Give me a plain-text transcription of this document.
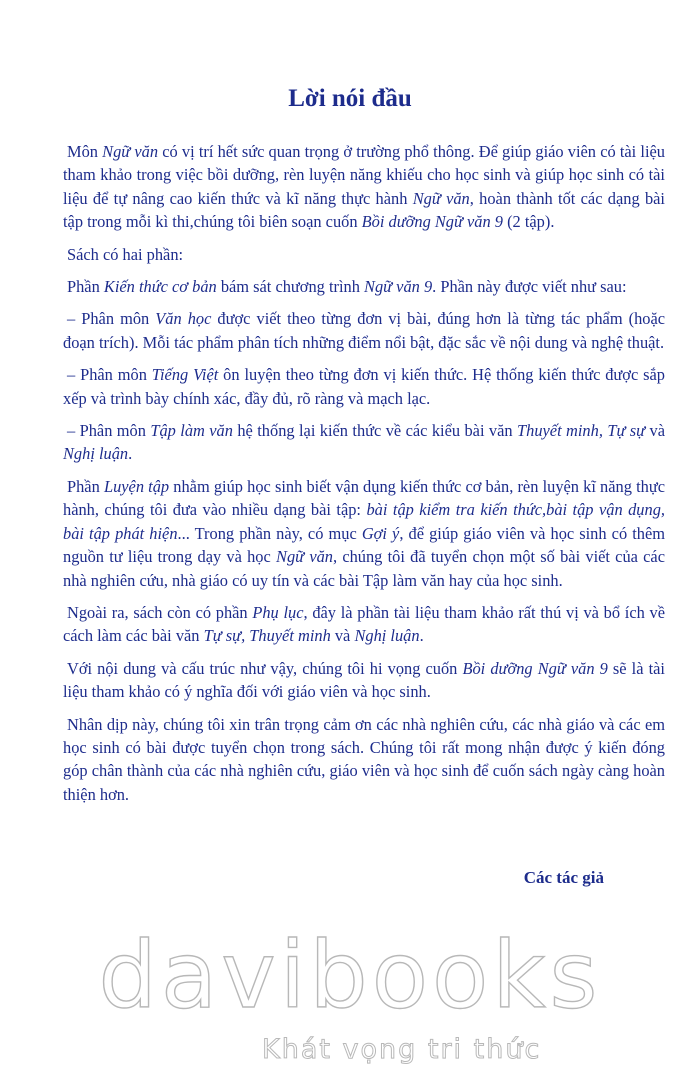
Lời nói đầu

Môn Ngữ văn có vị trí hết sức quan trọng ở trường phổ thông. Để giúp giáo viên có tài liệu tham khảo trong việc bồi dưỡng, rèn luyện năng khiếu cho học sinh và giúp học sinh có tài liệu để tự nâng cao kiến thức và kĩ năng thực hành Ngữ văn, hoàn thành tốt các dạng bài tập trong mỗi kì thi,chúng tôi biên soạn cuốn Bồi dưỡng Ngữ văn 9 (2 tập).

Sách có hai phần:

Phần Kiến thức cơ bản bám sát chương trình Ngữ văn 9. Phần này được viết như sau:

– Phân môn Văn học được viết theo từng đơn vị bài, đúng hơn là từng tác phẩm (hoặc đoạn trích). Mỗi tác phẩm phân tích những điểm nổi bật, đặc sắc về nội dung và nghệ thuật.

– Phân môn Tiếng Việt ôn luyện theo từng đơn vị kiến thức. Hệ thống kiến thức được sắp xếp và trình bày chính xác, đầy đủ, rõ ràng và mạch lạc.

– Phân môn Tập làm văn hệ thống lại kiến thức về các kiểu bài văn Thuyết minh, Tự sự và Nghị luận.

Phần Luyện tập nhằm giúp học sinh biết vận dụng kiến thức cơ bản, rèn luyện kĩ năng thực hành, chúng tôi đưa vào nhiều dạng bài tập: bài tập kiểm tra kiến thức,bài tập vận dụng, bài tập phát hiện... Trong phần này, có mục Gợi ý, để giúp giáo viên và học sinh có thêm nguồn tư liệu trong dạy và học Ngữ văn, chúng tôi đã tuyển chọn một số bài viết của các nhà nghiên cứu, nhà giáo có uy tín và các bài Tập làm văn hay của học sinh.

Ngoài ra, sách còn có phần Phụ lục, đây là phần tài liệu tham khảo rất thú vị và bổ ích về cách làm các bài văn Tự sự, Thuyết minh và Nghị luận.

Với nội dung và cấu trúc như vậy, chúng tôi hi vọng cuốn Bồi dưỡng Ngữ văn 9 sẽ là tài liệu tham khảo có ý nghĩa đối với giáo viên và học sinh.

Nhân dịp này, chúng tôi xin trân trọng cảm ơn các nhà nghiên cứu, các nhà giáo và các em học sinh có bài được tuyển chọn trong sách. Chúng tôi rất mong nhận được ý kiến đóng góp chân thành của các nhà nghiên cứu, giáo viên và học sinh để cuốn sách ngày càng hoàn thiện hơn.

Các tác giả

davibooks
Khát vọng tri thức
